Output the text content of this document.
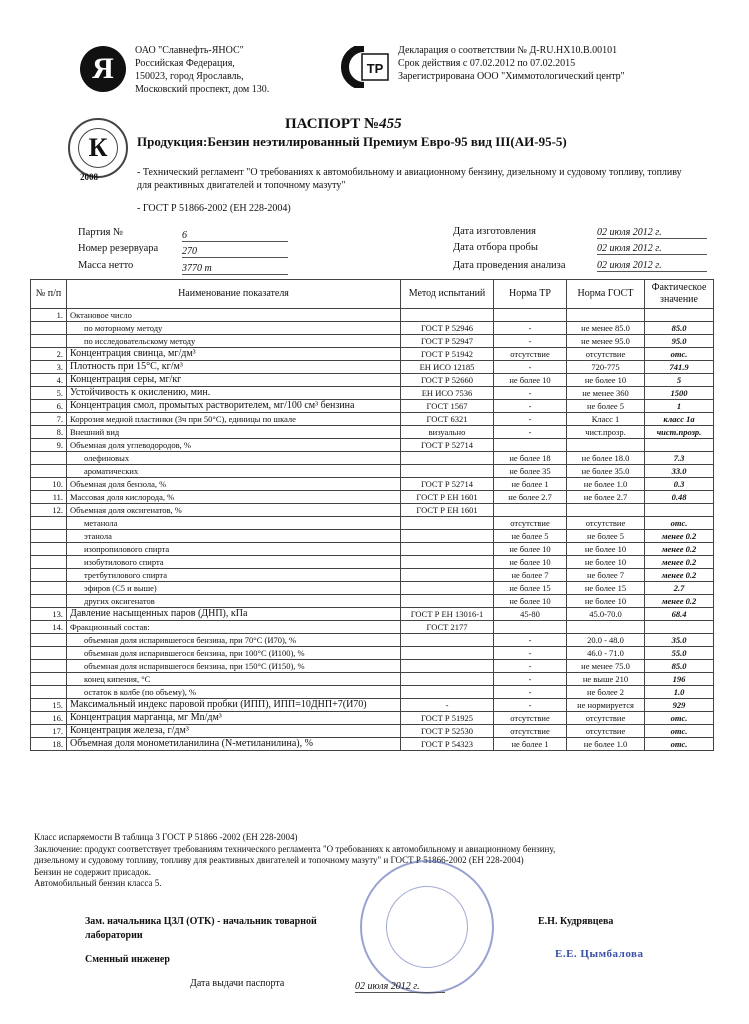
Я
ОАО "Славнефть-ЯНОС"
Российская Федерация,
150023, город Ярославль,
Московский проспект, дом 130.
ТР
Декларация о соответствии № Д-RU.HX10.B.00101
Срок действия с 07.02.2012 по 07.02.2015
Зарегистрирована ООО "Химмотологический центр"
К
2008
ПАСПОРТ №455
Продукция:Бензин неэтилированный Премиум Евро-95 вид III(АИ-95-5)
- Технический регламент "О требованиях к автомобильному и авиационному бензину, дизельному и судовому топливу, топливу для реактивных двигателей и топочному мазуту"
- ГОСТ Р 51866-2002 (ЕН 228-2004)
Партия №	6
Номер резервуара 270
Масса нетто	3770 т
Дата изготовления	02 июля 2012 г.
Дата отбора пробы	02 июля 2012 г.
Дата проведения анализа	02 июля 2012 г.
№ п/п	Наименование показателя	Метод испытаний	Норма ТР	Норма ГОСТ	Фактическое значение
1.	Октановое число				

	по моторному методу	ГОСТ Р 52946	-	не менее 85.0	85.0

	по исследовательскому методу	ГОСТ Р 52947	-	не менее 95.0	95.0
2.	Концентрация свинца, мг/дм³	ГОСТ Р 51942	отсутствие	отсутствие	отс.
3.	Плотность при 15°С, кг/м³	ЕН ИСО 12185	-	720-775	741.9
4.	Концентрация серы, мг/кг	ГОСТ Р 52660	не более 10	не более 10	5
5.	Устойчивость к окислению, мин.	ЕН ИСО 7536	-	не менее 360	1500
6.	Концентрация смол, промытых растворителем, мг/100 см³ бензина	ГОСТ 1567	-	не более 5	1
7.	Коррозия медной пластинки (3ч при 50°С), единицы по шкале	ГОСТ 6321	-	Класс 1	класс 1а
8.	Внешний вид	визуально	-	чист.прозр.	чист.прозр.
9.	Объемная доля углеводородов, %	ГОСТ Р 52714			

	олефиновых		не более 18	не более 18.0	7.3

	ароматических		не более 35	не более 35.0	33.0
10.	Объемная доля бензола, %	ГОСТ Р 52714	не более 1	не более 1.0	0.3
11.	Массовая доля кислорода, %	ГОСТ Р ЕН 1601	не более 2.7	не более 2.7	0.48
12.	Объемная доля оксигенатов, %	ГОСТ Р ЕН 1601			

	метанола		отсутствие	отсутствие	отс.

	этанола		не более 5	не более 5	менее 0.2

	изопропилового спирта		не более 10	не более 10	менее 0.2

	изобутилового спирта		не более 10	не более 10	менее 0.2

	третбутилового спирта		не более 7	не более 7	менее 0.2

	эфиров (С5 и выше)		не более 15	не более 15	2.7

	других оксигенатов		не более 10	не более 10	менее 0.2
13.	Давление насыщенных паров (ДНП), кПа	ГОСТ Р ЕН 13016-1	45-80	45.0-70.0	68.4
14.	Фракционный состав:	ГОСТ 2177			

	объемная доля испарившегося бензина, при 70°С (И70), %		-	20.0 - 48.0	35.0

	объемная доля испарившегося бензина, при 100°С (И100), %		-	46.0 - 71.0	55.0

	объемная доля испарившегося бензина, при 150°С (И150), %		-	не менее 75.0	85.0

	конец кипения, °С		-	не выше 210	196

	остаток в колбе (по объему), %		-	не более 2	1.0
15.	Максимальный индекс паровой пробки (ИПП), ИПП=10ДНП+7(И70)	-	-	не нормируется	929
16.	Концентрация марганца, мг Mn/дм³	ГОСТ Р 51925	отсутствие	отсутствие	отс.
17.	Концентрация железа, г/дм³	ГОСТ Р 52530	отсутствие	отсутствие	отс.
18.	Объемная доля монометиланилина (N-метиланилина), %	ГОСТ Р 54323	не более 1	не более 1.0	отс.
Класс испаряемости В таблица 3 ГОСТ Р 51866 -2002 (ЕН 228-2004)
Заключение: продукт соответствует требованиям технического регламента "О требованиях к автомобильному и авиационному бензину,
дизельному и судовому топливу, топливу для реактивных двигателей и топочному мазуту" и ГОСТ Р 51866-2002 (ЕН 228-2004)
Бензин не содержит присадок.
Автомобильный бензин класса 5.
Зам. начальника ЦЗЛ (ОТК) - начальник товарной
лаборатории
Е.Н. Кудрявцева
Сменный инженер	Е.Е. Цымбалова
Дата выдачи паспорта	02 июля 2012 г.
